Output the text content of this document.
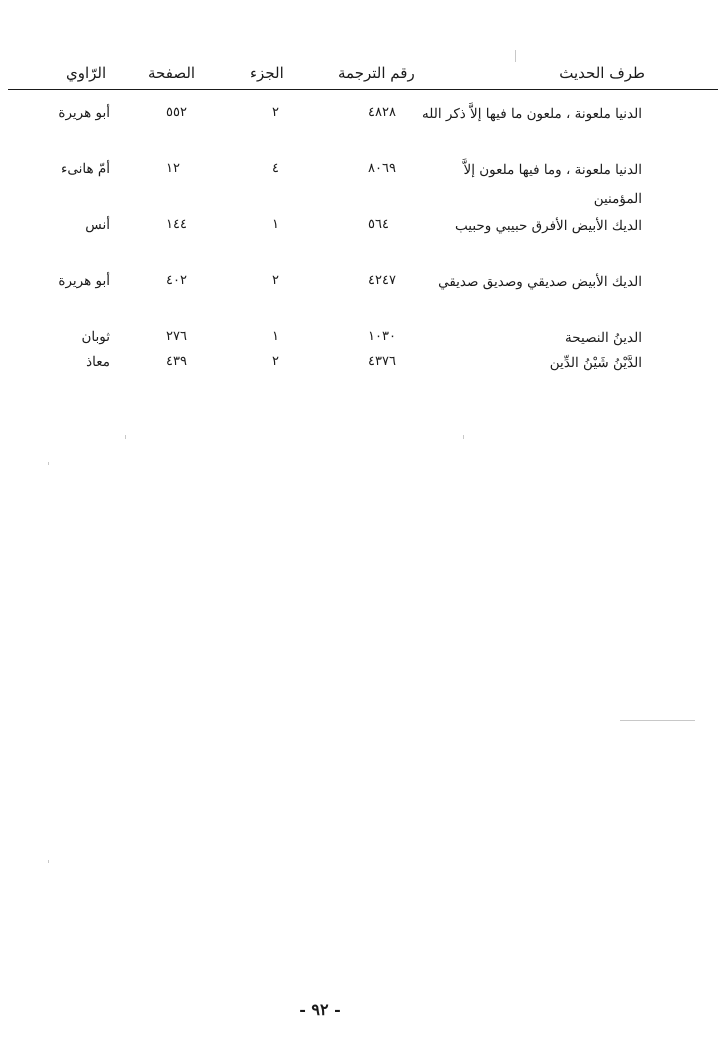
طرف الحديث
رقم الترجمة
الجزء
الصفحة
الرّاوي
الدنيا ملعونة ، ملعون ما فيها إلاَّ ذكر الله
٤٨٢٨
٢
٥٥٢
أبو هريرة
الدنيا ملعونة ، وما فيها ملعون إلاَّ المؤمنين
٨٠٦٩
٤
١٢
أمّ هانیء
الديك الأبيض الأفرق حبيبي وحبيب
٥٦٤
١
١٤٤
أنس
الديك الأبيض صديقي وصديق صديقي
٤٢٤٧
٢
٤٠٢
أبو هريرة
الدينُ النصيحة
١٠٣٠
١
٢٧٦
ثوبان
الدَّيْنُ شَيْنُ الدِّين
٤٣٧٦
٢
٤٣٩
معاذ
- ٩٢ -
